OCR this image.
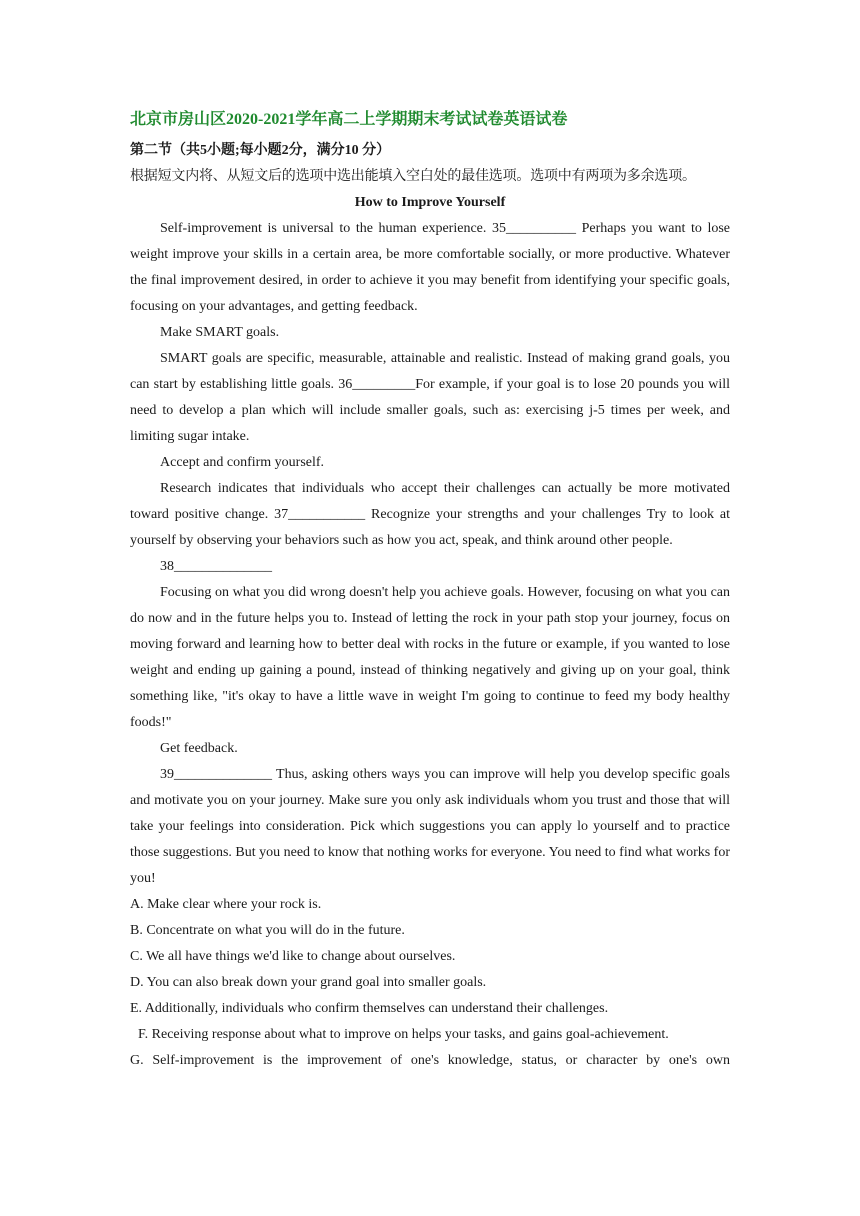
北京市房山区2020-2021学年高二上学期期末考试试卷英语试卷
第二节（共5小题;每小题2分，满分10 分）
根据短文内将、从短文后的选项中选出能填入空白处的最佳选项。选项中有两项为多余选项。
How to Improve Yourself

Self-improvement is universal to the human experience. 35__________ Perhaps you want to lose weight improve your skills in a certain area, be more comfortable socially, or more productive. Whatever the final improvement desired, in order to achieve it you may benefit from identifying your specific goals, focusing on your advantages, and getting feedback.

Make SMART goals.

SMART goals are specific, measurable, attainable and realistic. Instead of making grand goals, you can start by establishing little goals. 36_________For example, if your goal is to lose 20 pounds you will need to develop a plan which will include smaller goals, such as: exercising j-5 times per week, and limiting sugar intake.

Accept and confirm yourself.

Research indicates that individuals who accept their challenges can actually be more motivated toward positive change. 37___________ Recognize your strengths and your challenges Try to look at yourself by observing your behaviors such as how you act, speak, and think around other people.

38______________

Focusing on what you did wrong doesn't help you achieve goals. However, focusing on what you can do now and in the future helps you to. Instead of letting the rock in your path stop your journey, focus on moving forward and learning how to better deal with rocks in the future or example, if you wanted to lose weight and ending up gaining a pound, instead of thinking negatively and giving up on your goal, think something like, "it's okay to have a little wave in weight I'm going to continue to feed my body healthy foods!"

Get feedback.

39______________ Thus, asking others ways you can improve will help you develop specific goals and motivate you on your journey. Make sure you only ask individuals whom you trust and those that will take your feelings into consideration. Pick which suggestions you can apply lo yourself and to practice those suggestions. But you need to know that nothing works for everyone. You need to find what works for you!

A. Make clear where your rock is.

B. Concentrate on what you will do in the future.

C. We all have things we'd like to change about ourselves.

D. You can also break down your grand goal into smaller goals.

E. Additionally, individuals who confirm themselves can understand their challenges.

F. Receiving response about what to improve on helps your tasks, and gains goal-achievement.

G. Self-improvement is the improvement of one's knowledge, status, or character by one's own
